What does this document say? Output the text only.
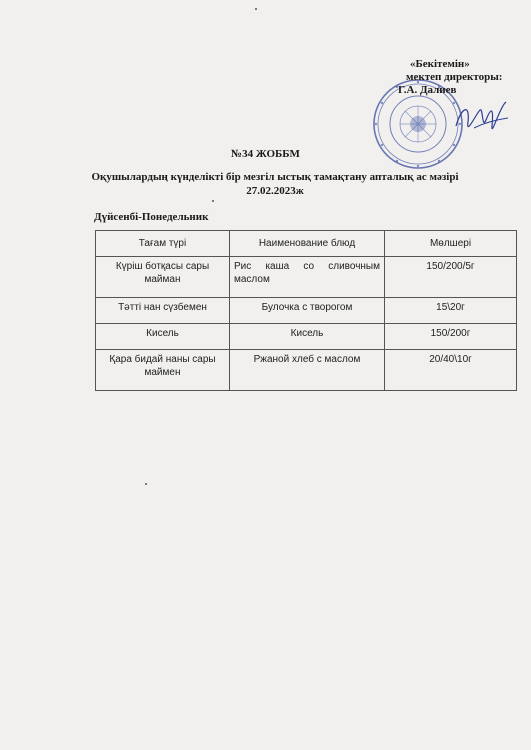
«Бекітемін»
мектеп директоры:
Г.А. Далиев
№34 ЖОББМ
Оқушылардың күнделікті бір мезгіл ыстық тамақтану апталық ас мәзірі
27.02.2023ж
Дүйсенбі-Понедельник
Тағам түрі	Наименование блюд	Мөлшері
Күріш ботқасы сары майман	Рис каша со сливочным маслом	150/200/5г
Тәтті нан сүзбемен	Булочка с творогом	15\20г
Кисель	Кисель	150/200г
Қара бидай наны сары маймен	Ржаной хлеб с маслом	20/40\10г
